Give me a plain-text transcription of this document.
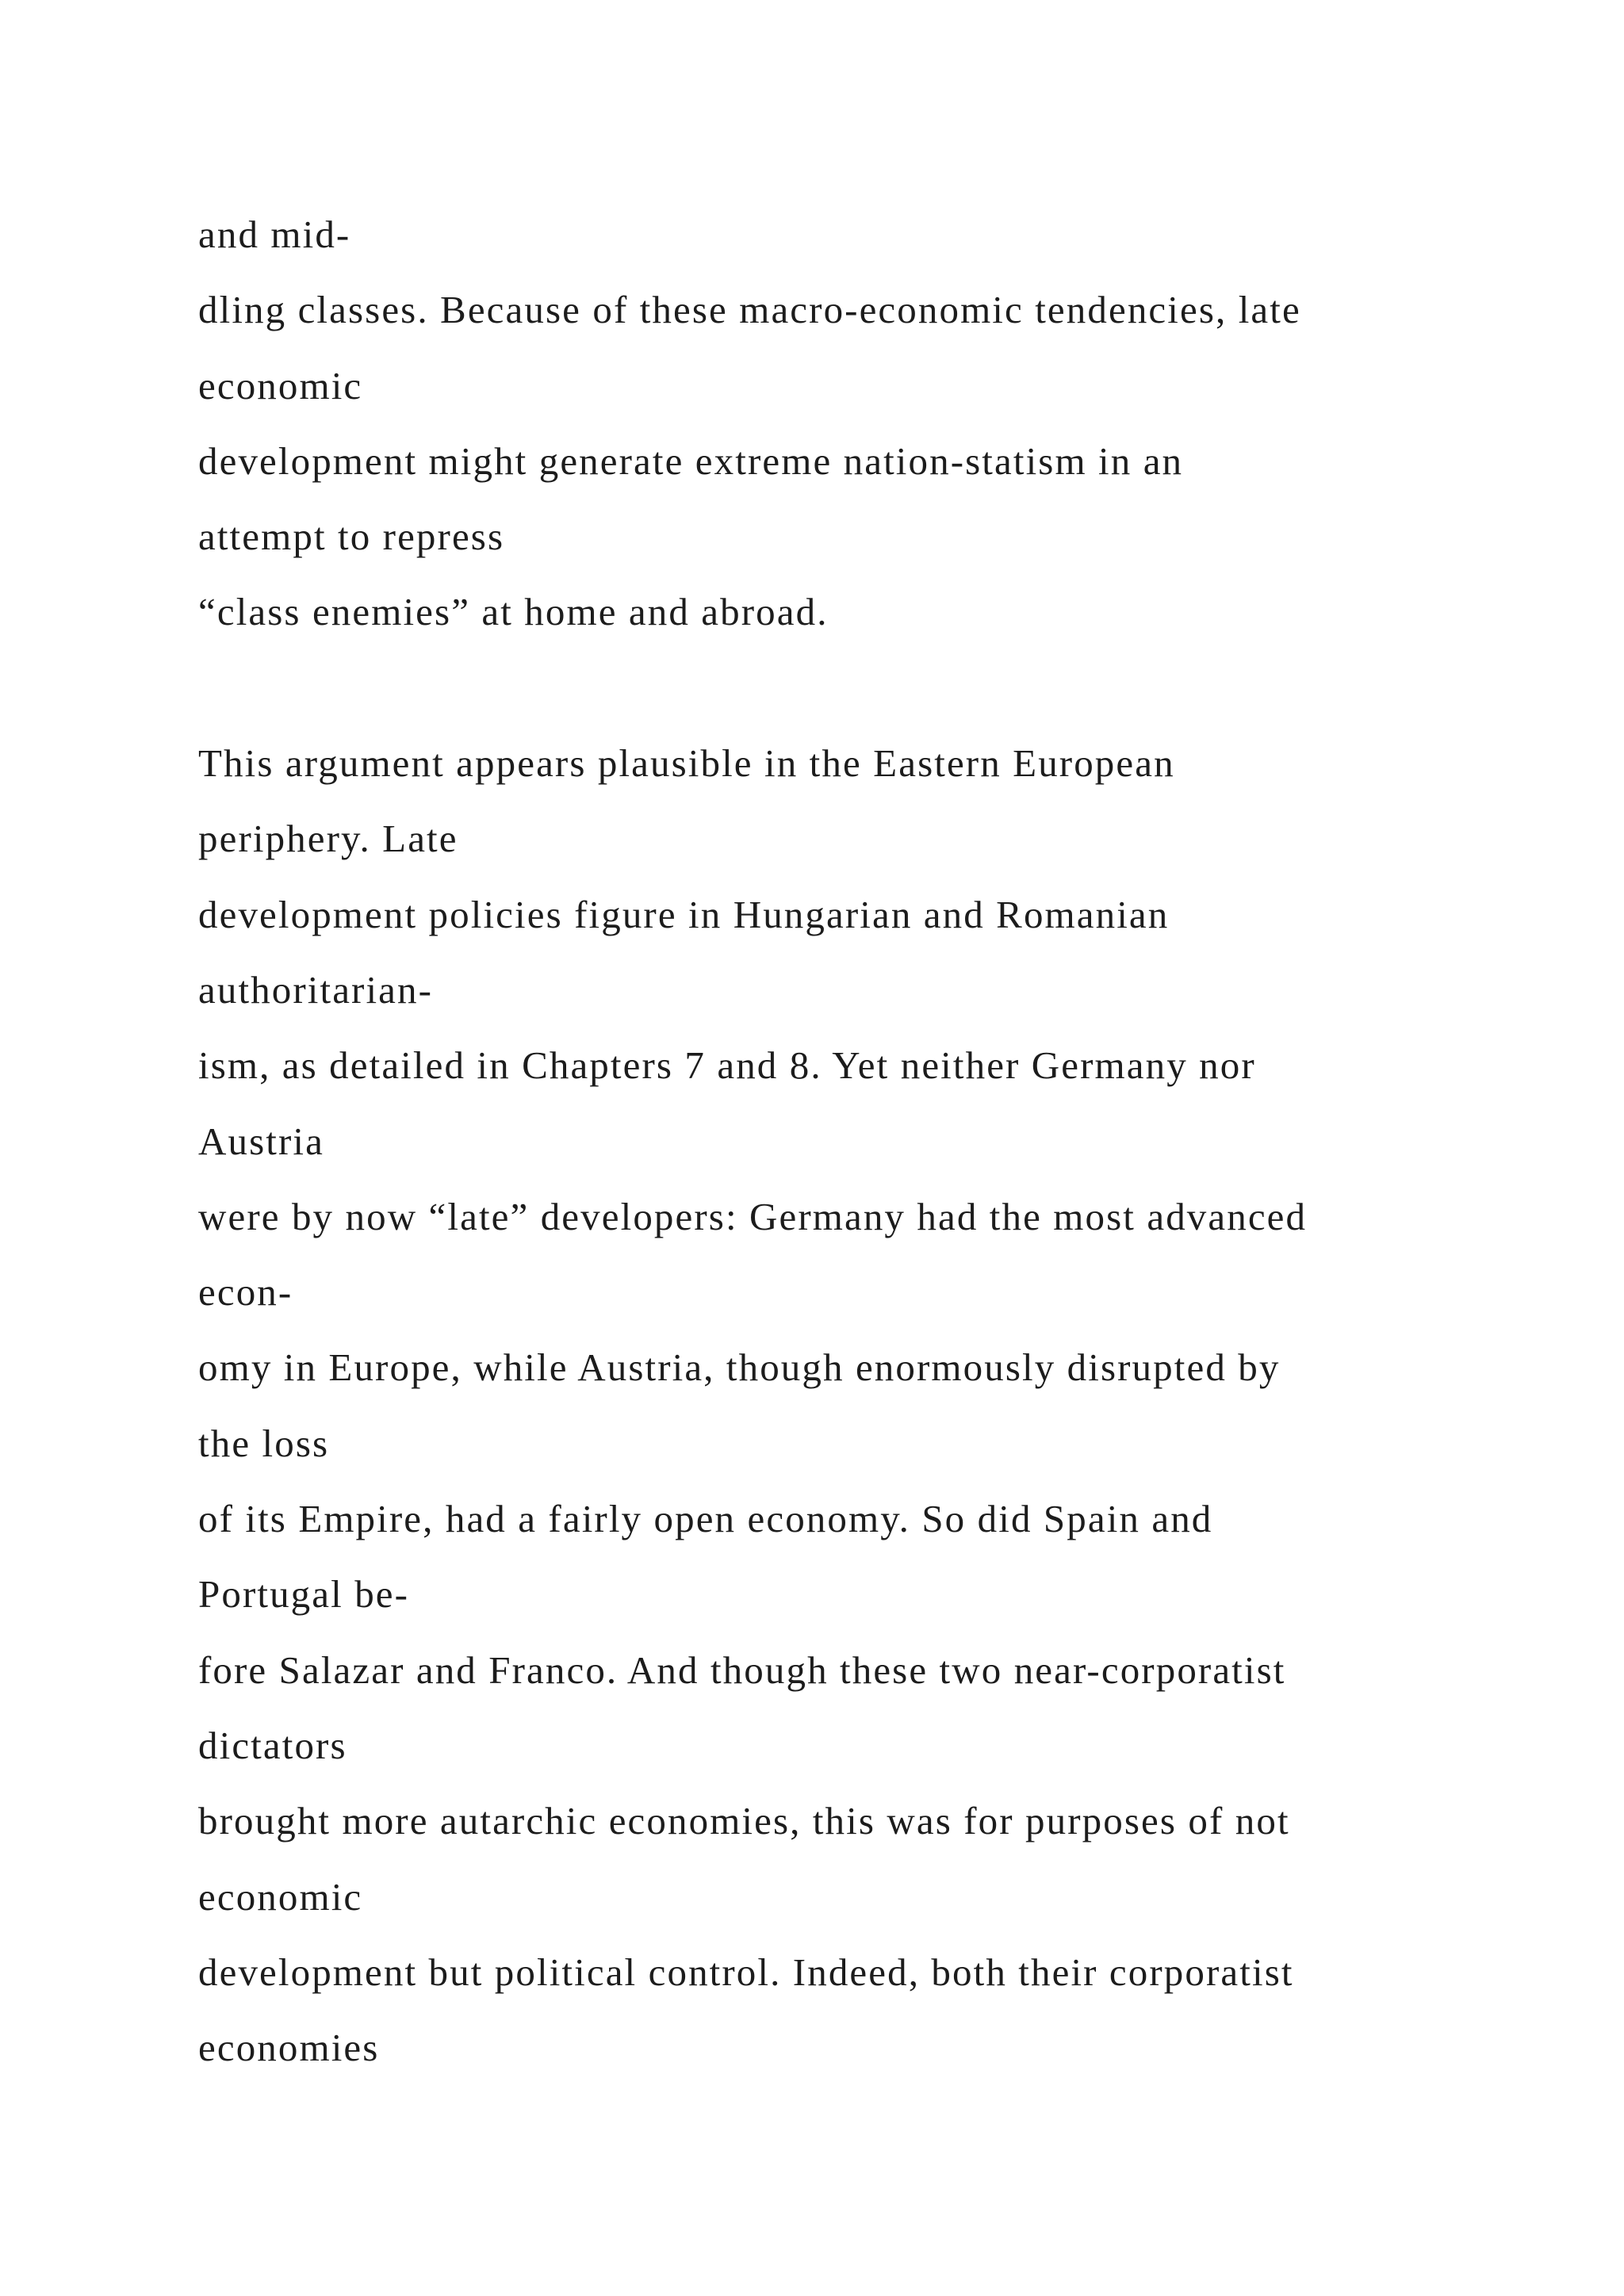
and mid-
dling classes. Because of these macro-economic tendencies, late
economic
development might generate extreme nation-statism in an
attempt to repress
“class enemies” at home and abroad.
This argument appears plausible in the Eastern European
periphery. Late
development policies figure in Hungarian and Romanian
authoritarian-
ism, as detailed in Chapters 7 and 8. Yet neither Germany nor
Austria
were by now “late” developers: Germany had the most advanced
econ-
omy in Europe, while Austria, though enormously disrupted by
the loss
of its Empire, had a fairly open economy. So did Spain and
Portugal be-
fore Salazar and Franco. And though these two near-corporatist
dictators
brought more autarchic economies, this was for purposes of not
economic
development but political control. Indeed, both their corporatist
economies
